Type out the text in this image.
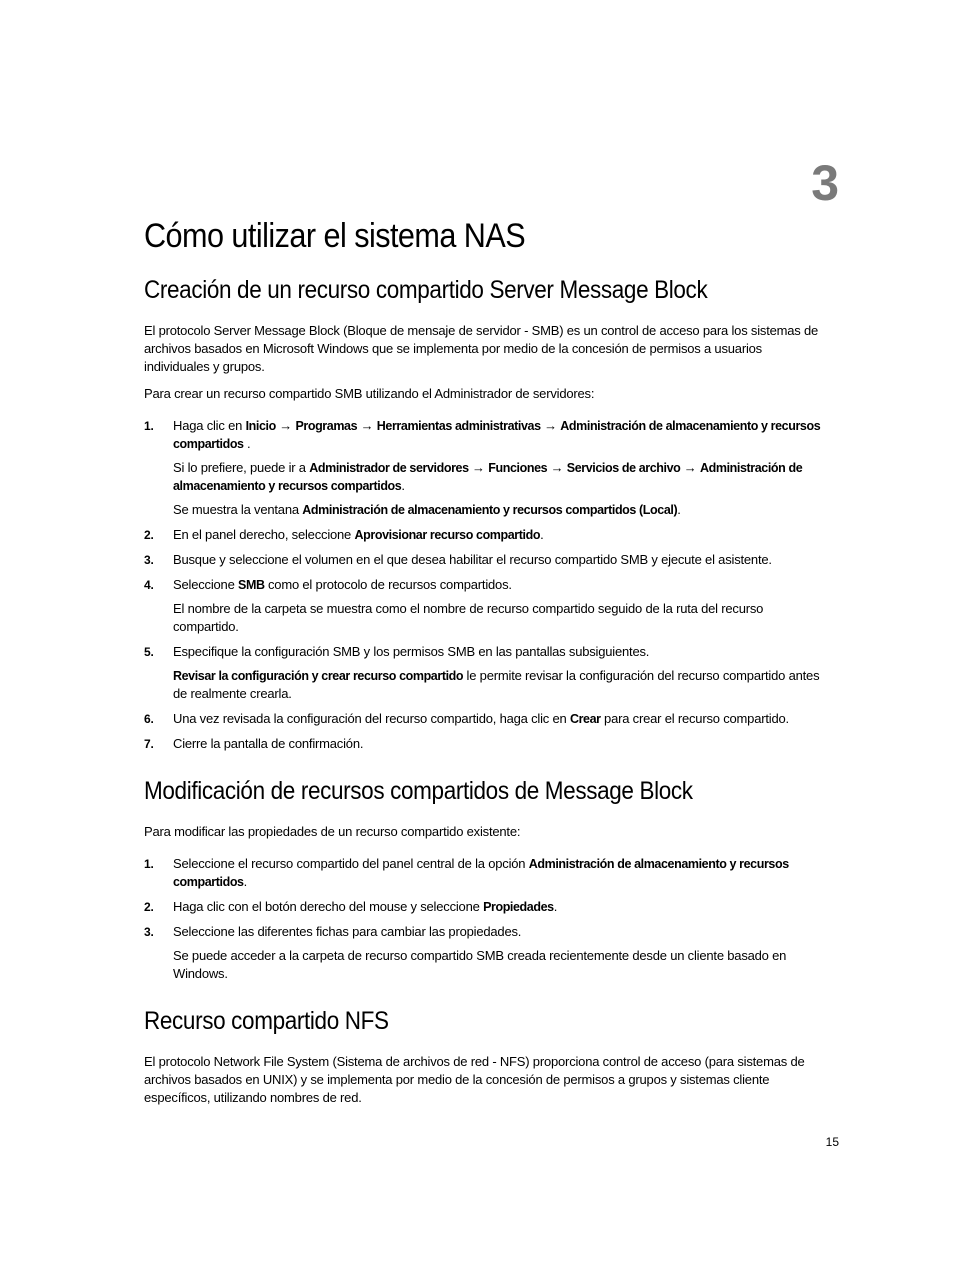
3
Cómo utilizar el sistema NAS
Creación de un recurso compartido Server Message Block

El protocolo Server Message Block (Bloque de mensaje de servidor - SMB) es un control de acceso para los sistemas de archivos basados en Microsoft Windows que se implementa por medio de la concesión de permisos a usuarios individuales y grupos.

Para crear un recurso compartido SMB utilizando el Administrador de servidores:

1. Haga clic en Inicio → Programas → Herramientas administrativas → Administración de almacenamiento y recursos compartidos .

Si lo prefiere, puede ir a Administrador de servidores → Funciones → Servicios de archivo → Administración de almacenamiento y recursos compartidos.

Se muestra la ventana Administración de almacenamiento y recursos compartidos (Local).

2. En el panel derecho, seleccione Aprovisionar recurso compartido.

3. Busque y seleccione el volumen en el que desea habilitar el recurso compartido SMB y ejecute el asistente.

4. Seleccione SMB como el protocolo de recursos compartidos.

El nombre de la carpeta se muestra como el nombre de recurso compartido seguido de la ruta del recurso compartido.

5. Especifique la configuración SMB y los permisos SMB en las pantallas subsiguientes.

Revisar la configuración y crear recurso compartido le permite revisar la configuración del recurso compartido antes de realmente crearla.

6. Una vez revisada la configuración del recurso compartido, haga clic en Crear para crear el recurso compartido.

7. Cierre la pantalla de confirmación.

Modificación de recursos compartidos de Message Block

Para modificar las propiedades de un recurso compartido existente:

1. Seleccione el recurso compartido del panel central de la opción Administración de almacenamiento y recursos compartidos.

2. Haga clic con el botón derecho del mouse y seleccione Propiedades.

3. Seleccione las diferentes fichas para cambiar las propiedades.

Se puede acceder a la carpeta de recurso compartido SMB creada recientemente desde un cliente basado en Windows.

Recurso compartido NFS

El protocolo Network File System (Sistema de archivos de red - NFS) proporciona control de acceso (para sistemas de archivos basados en UNIX) y se implementa por medio de la concesión de permisos a grupos y sistemas cliente específicos, utilizando nombres de red.

15
